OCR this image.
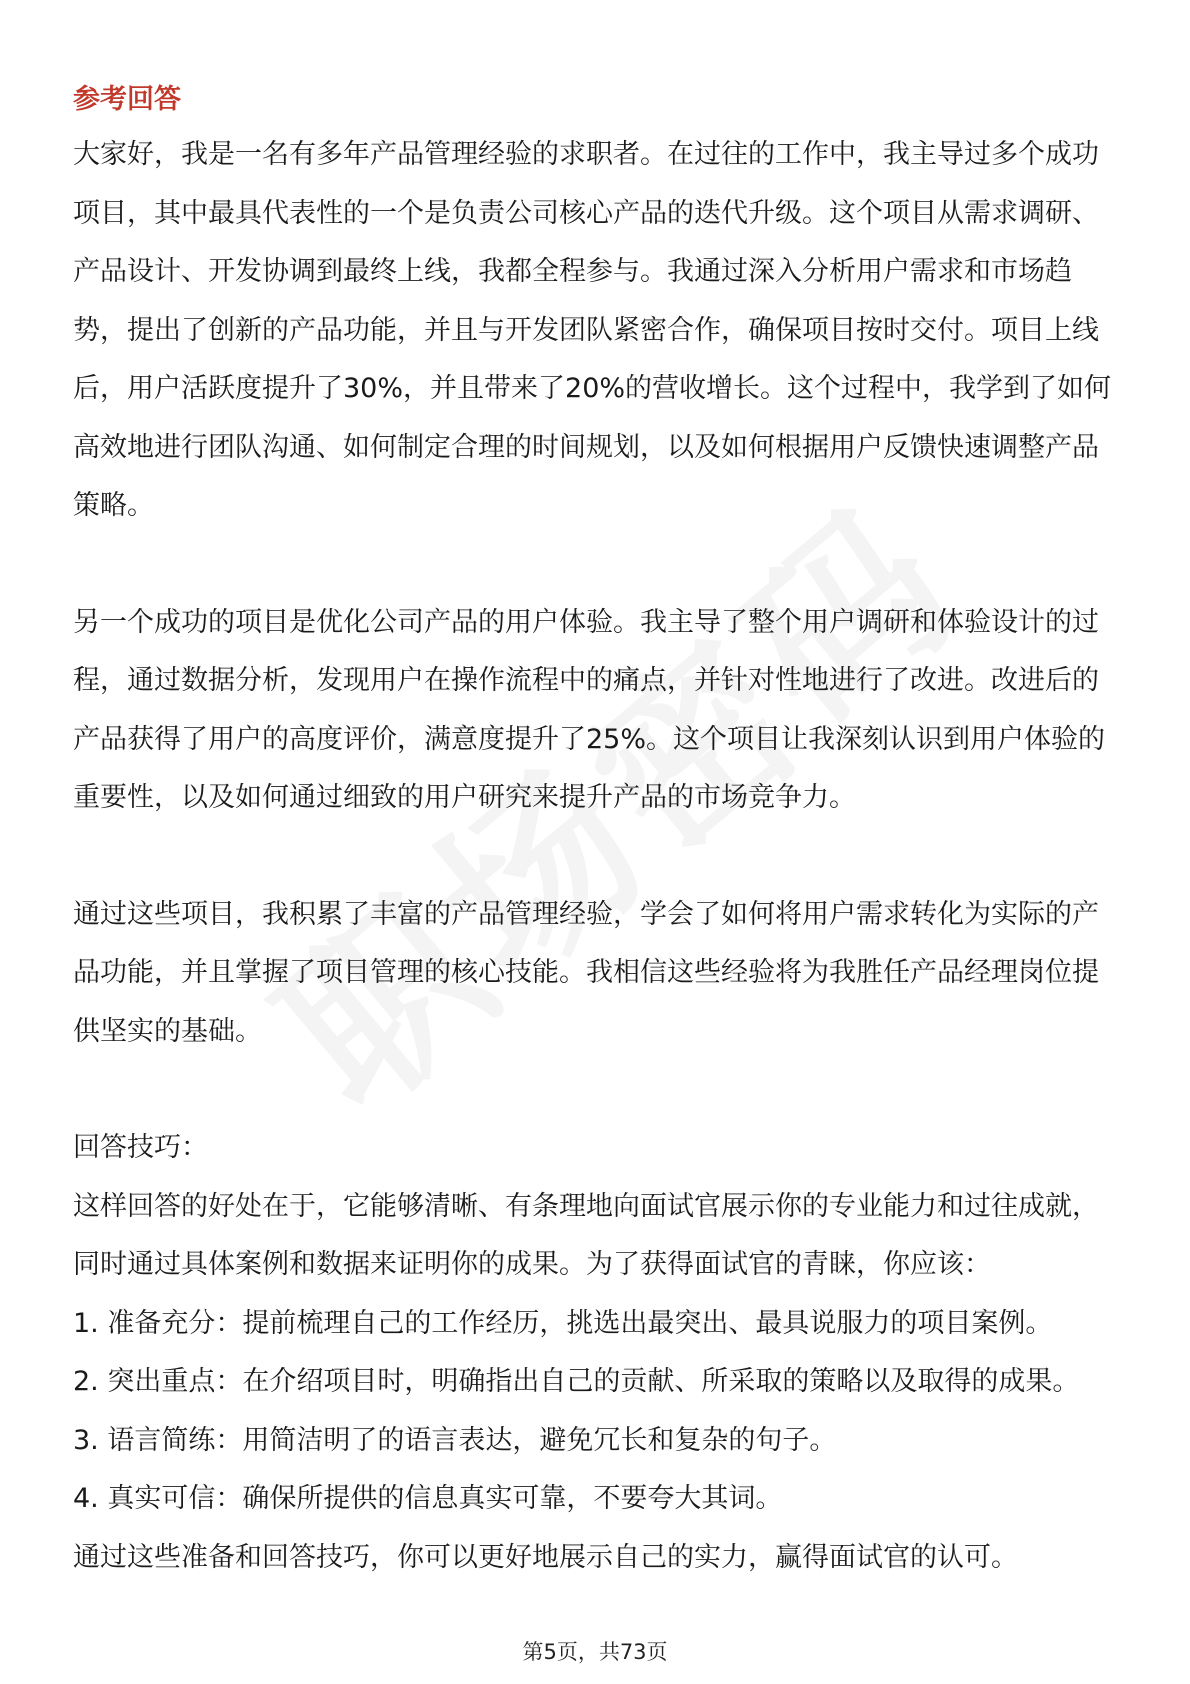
参考回答

大家好，我是一名有多年产品管理经验的求职者。在过往的工作中，我主导过多个成功项目，其中最具代表性的一个是负责公司核心产品的迭代升级。这个项目从需求调研、产品设计、开发协调到最终上线，我都全程参与。我通过深入分析用户需求和市场趋势，提出了创新的产品功能，并且与开发团队紧密合作，确保项目按时交付。项目上线后，用户活跃度提升了30%，并且带来了20%的营收增长。这个过程中，我学到了如何高效地进行团队沟通、如何制定合理的时间规划，以及如何根据用户反馈快速调整产品策略。

另一个成功的项目是优化公司产品的用户体验。我主导了整个用户调研和体验设计的过程，通过数据分析，发现用户在操作流程中的痛点，并针对性地进行了改进。改进后的产品获得了用户的高度评价，满意度提升了25%。这个项目让我深刻认识到用户体验的重要性，以及如何通过细致的用户研究来提升产品的市场竞争力。

通过这些项目，我积累了丰富的产品管理经验，学会了如何将用户需求转化为实际的产品功能，并且掌握了项目管理的核心技能。我相信这些经验将为我胜任产品经理岗位提供坚实的基础。

回答技巧：

这样回答的好处在于，它能够清晰、有条理地向面试官展示你的专业能力和过往成就，同时通过具体案例和数据来证明你的成果。为了获得面试官的青睐，你应该：

1. 准备充分：提前梳理自己的工作经历，挑选出最突出、最具说服力的项目案例。
2. 突出重点：在介绍项目时，明确指出自己的贡献、所采取的策略以及取得的成果。
3. 语言简练：用简洁明了的语言表达，避免冗长和复杂的句子。
4. 真实可信：确保所提供的信息真实可靠，不要夸大其词。

通过这些准备和回答技巧，你可以更好地展示自己的实力，赢得面试官的认可。

第5页，共73页
